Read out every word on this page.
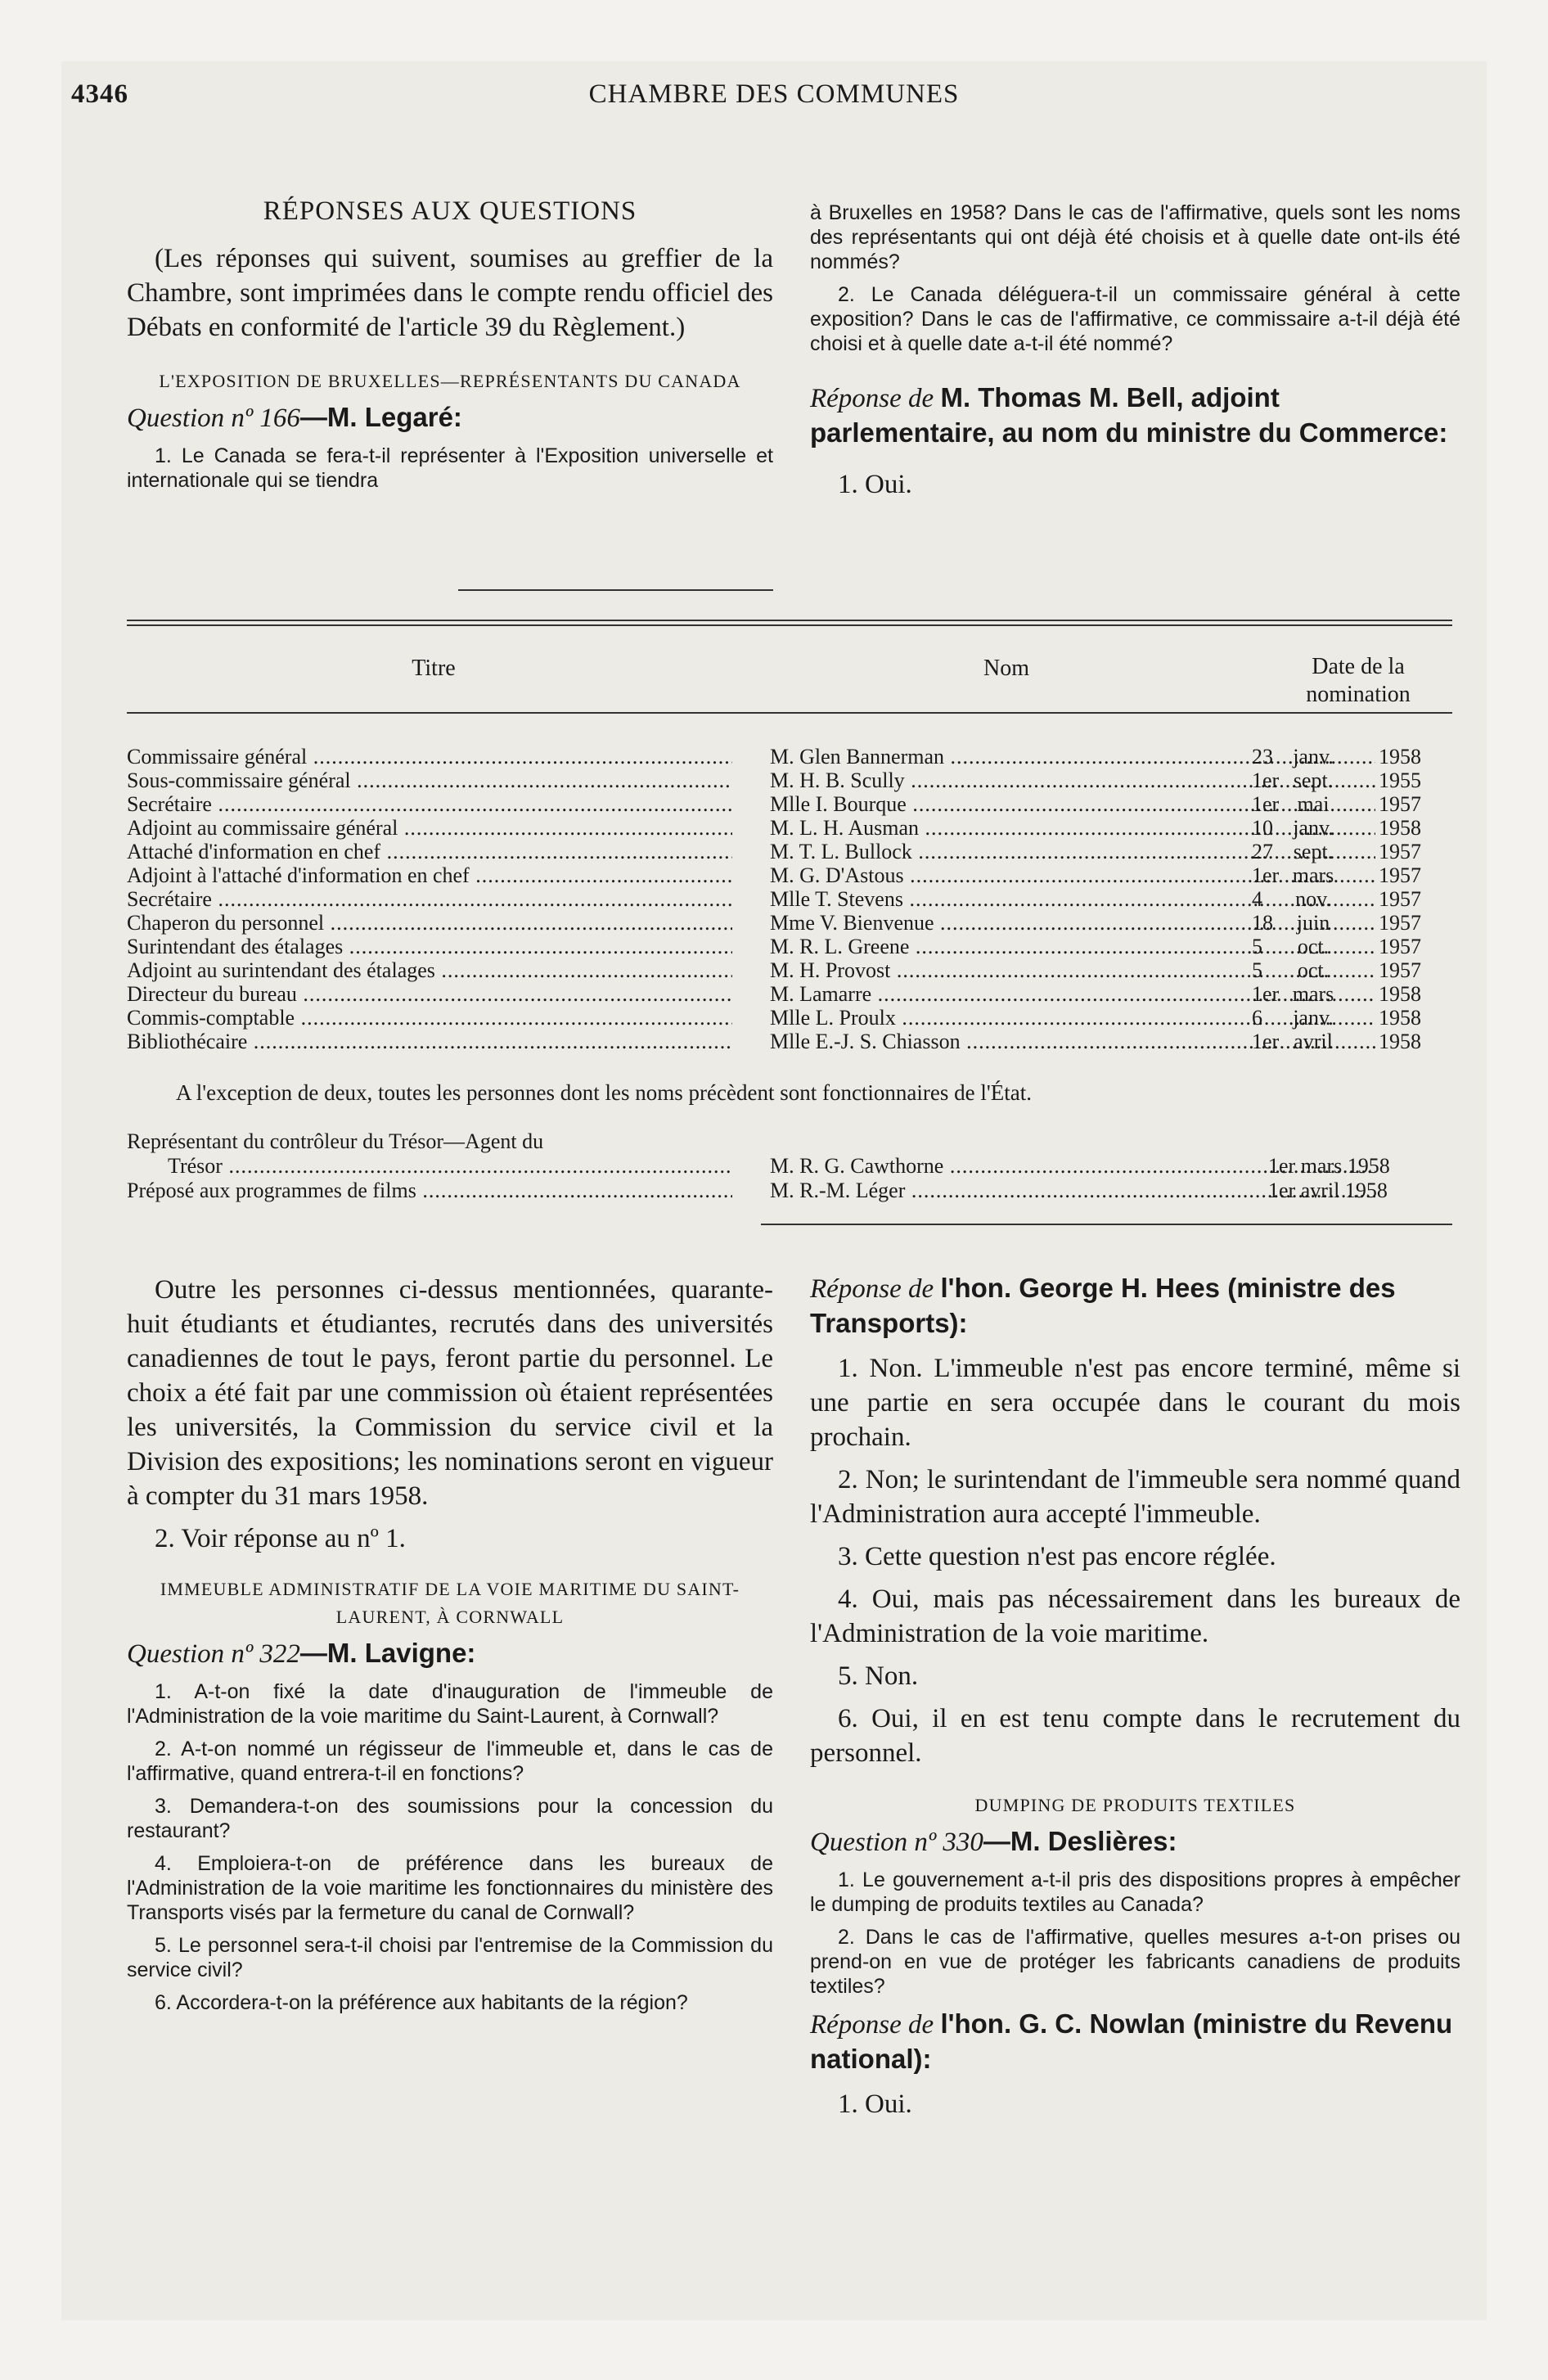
4346	CHAMBRE DES COMMUNES

RÉPONSES AUX QUESTIONS

(Les réponses qui suivent, soumises au greffier de la Chambre, sont imprimées dans le compte rendu officiel des Débats en conformité de l'article 39 du Règlement.)

L'EXPOSITION DE BRUXELLES—REPRÉSENTANTS DU CANADA

Question nº 166—M. Legaré:

1. Le Canada se fera-t-il représenter à l'Exposition universelle et internationale qui se tiendra

à Bruxelles en 1958? Dans le cas de l'affirmative, quels sont les noms des représentants qui ont déjà été choisis et à quelle date ont-ils été nommés?

2. Le Canada déléguera-t-il un commissaire général à cette exposition? Dans le cas de l'affirmative, ce commissaire a-t-il déjà été choisi et à quelle date a-t-il été nommé?

Réponse de M. Thomas M. Bell, adjoint parlementaire, au nom du ministre du Commerce:

1. Oui.

Titre	Nom	Date de la nomination
Commissaire général .....	M. Glen Bannerman .....	23 janv.	1958
Sous-commissaire général .....	M. H. B. Scully .....	1er sept.	1955
Secrétaire .....	Mlle I. Bourque .....	1er mai	1957
Adjoint au commissaire général .....	M. L. H. Ausman .....	10 janv.	1958
Attaché d'information en chef .....	M. T. L. Bullock .....	27 sept.	1957
Adjoint à l'attaché d'information en chef .....	M. G. D'Astous .....	1er mars	1957
Secrétaire .....	Mlle T. Stevens .....	4	nov.	1957
Chaperon du personnel .....	Mme V. Bienvenue .....	18	juin	1957
Surintendant des étalages .....	M. R. L. Greene .....	5	oct.	1957
Adjoint au surintendant des étalages .....	M. H. Provost .....	5	oct.	1957
Directeur du bureau .....	M. Lamarre .....	1er mars	1958
Commis-comptable .....	Mlle L. Proulx .....	6	janv.	1958
Bibliothécaire .....	Mlle E.-J. S. Chiasson .....	1er avril	1958
A l'exception de deux, toutes les personnes dont les noms précèdent sont fonctionnaires de l'État.
Représentant du contrôleur du Trésor—Agent du
Trésor .....	M. R. G. Cawthorne .....	1er mars 1958
Préposé aux programmes de films .....	M. R.-M. Léger .....	1er avril 1958

Outre les personnes ci-dessus mentionnées, quarante-huit étudiants et étudiantes, recrutés dans des universités canadiennes de tout le pays, feront partie du personnel. Le choix a été fait par une commission où étaient représentées les universités, la Commission du service civil et la Division des expositions; les nominations seront en vigueur à compter du 31 mars 1958.

2. Voir réponse au nº 1.

IMMEUBLE ADMINISTRATIF DE LA VOIE MARITIME DU SAINT-LAURENT, À CORNWALL

Question nº 322—M. Lavigne:

1. A-t-on fixé la date d'inauguration de l'immeuble de l'Administration de la voie maritime du Saint-Laurent, à Cornwall?

2. A-t-on nommé un régisseur de l'immeuble et, dans le cas de l'affirmative, quand entrera-t-il en fonctions?

3. Demandera-t-on des soumissions pour la concession du restaurant?

4. Emploiera-t-on de préférence dans les bureaux de l'Administration de la voie maritime les fonctionnaires du ministère des Transports visés par la fermeture du canal de Cornwall?

5. Le personnel sera-t-il choisi par l'entremise de la Commission du service civil?

6. Accordera-t-on la préférence aux habitants de la région?

Réponse de l'hon. George H. Hees (ministre des Transports):

1. Non. L'immeuble n'est pas encore terminé, même si une partie en sera occupée dans le courant du mois prochain.

2. Non; le surintendant de l'immeuble sera nommé quand l'Administration aura accepté l'immeuble.

3. Cette question n'est pas encore réglée.

4. Oui, mais pas nécessairement dans les bureaux de l'Administration de la voie maritime.

5. Non.

6. Oui, il en est tenu compte dans le recrutement du personnel.

DUMPING DE PRODUITS TEXTILES

Question nº 330—M. Deslières:

1. Le gouvernement a-t-il pris des dispositions propres à empêcher le dumping de produits textiles au Canada?

2. Dans le cas de l'affirmative, quelles mesures a-t-on prises ou prend-on en vue de protéger les fabricants canadiens de produits textiles?

Réponse de l'hon. G. C. Nowlan (ministre du Revenu national):

1. Oui.
